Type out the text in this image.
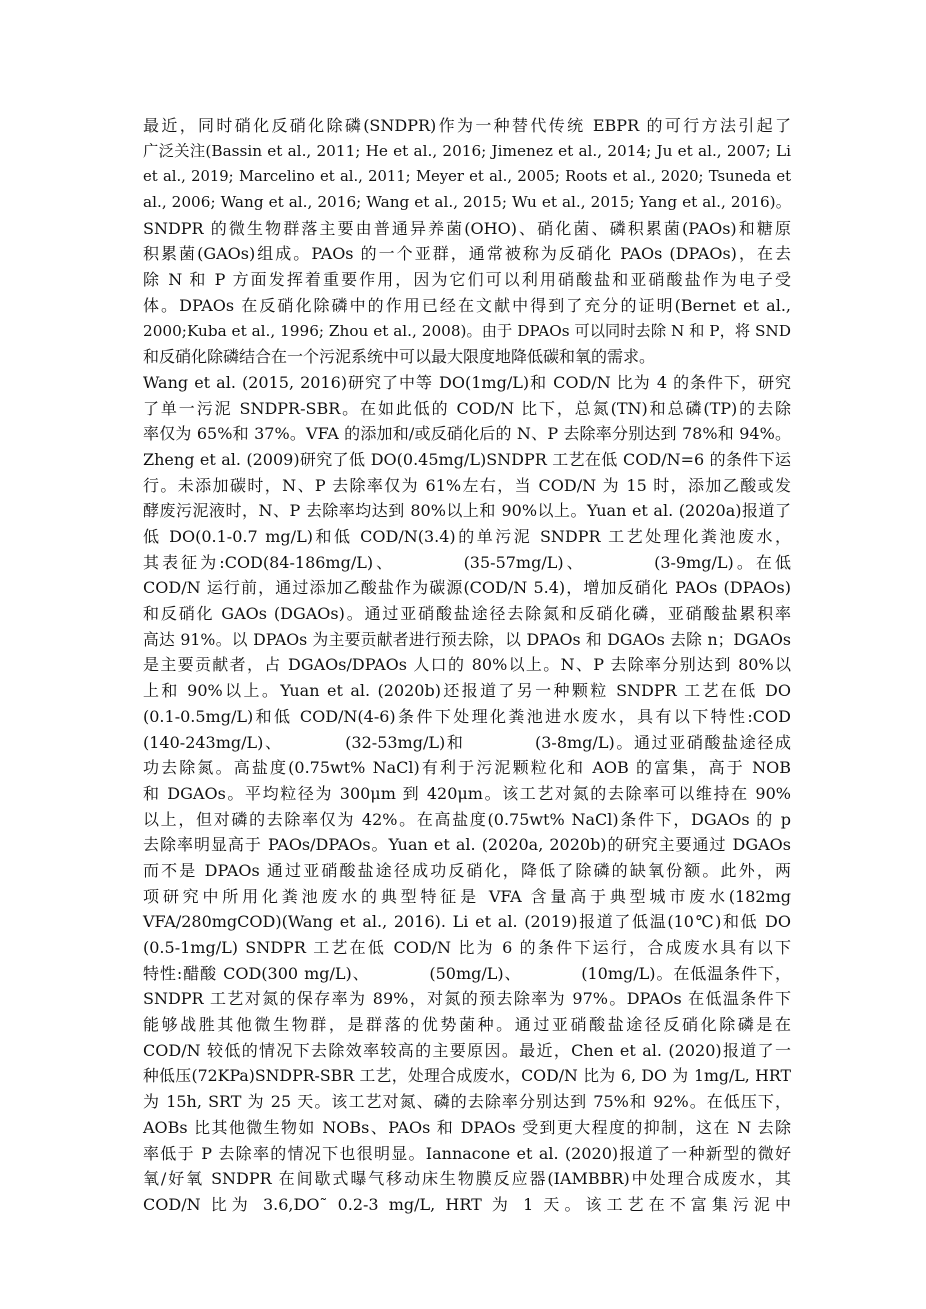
最近，同时硝化反硝化除磷(SNDPR)作为一种替代传统 EBPR 的可行方法引起了
广泛关注(Bassin et al., 2011; He et al., 2016; Jimenez et al., 2014; Ju et al., 2007; Li
et al., 2019; Marcelino et al., 2011; Meyer et al., 2005; Roots et al., 2020; Tsuneda et
al., 2006; Wang et al., 2016; Wang et al., 2015; Wu et al., 2015; Yang et al., 2016)。
SNDPR 的微生物群落主要由普通异养菌(OHO)、硝化菌、磷积累菌(PAOs)和糖原
积累菌(GAOs)组成。PAOs 的一个亚群，通常被称为反硝化 PAOs (DPAOs)，在去
除 N 和 P 方面发挥着重要作用，因为它们可以利用硝酸盐和亚硝酸盐作为电子受
体。DPAOs 在反硝化除磷中的作用已经在文献中得到了充分的证明(Bernet et al.,
2000;Kuba et al., 1996; Zhou et al., 2008)。由于 DPAOs 可以同时去除 N 和 P，将 SND
和反硝化除磷结合在一个污泥系统中可以最大限度地降低碳和氧的需求。
Wang et al. (2015, 2016)研究了中等 DO(1mg/L)和 COD/N 比为 4 的条件下，研究
了单一污泥 SNDPR-SBR。在如此低的 COD/N 比下，总氮(TN)和总磷(TP)的去除
率仅为 65%和 37%。VFA 的添加和/或反硝化后的 N、P 去除率分别达到 78%和 94%。
Zheng et al. (2009)研究了低 DO(0.45mg/L)SNDPR 工艺在低 COD/N=6 的条件下运
行。未添加碳时，N、P 去除率仅为 61%左右，当 COD/N 为 15 时，添加乙酸或发
酵废污泥液时，N、P 去除率均达到 80%以上和 90%以上。Yuan et al. (2020a)报道了
低 DO(0.1-0.7 mg/L)和低 COD/N(3.4)的单污泥 SNDPR 工艺处理化粪池废水，
其表征为:COD(84-186mg/L)、　　　　(35-57mg/L)、　　　　(3-9mg/L)。在低
COD/N 运行前，通过添加乙酸盐作为碳源(COD/N 5.4)，增加反硝化 PAOs (DPAOs)
和反硝化 GAOs (DGAOs)。通过亚硝酸盐途径去除氮和反硝化磷，亚硝酸盐累积率
高达 91%。以 DPAOs 为主要贡献者进行预去除，以 DPAOs 和 DGAOs 去除 n；DGAOs
是主要贡献者，占 DGAOs/DPAOs 人口的 80%以上。N、P 去除率分别达到 80%以
上和 90%以上。Yuan et al. (2020b)还报道了另一种颗粒 SNDPR 工艺在低 DO
(0.1-0.5mg/L)和低 COD/N(4-6)条件下处理化粪池进水废水，具有以下特性:COD
(140-243mg/L)、　　　　(32-53mg/L)和　　　　(3-8mg/L)。通过亚硝酸盐途径成
功去除氮。高盐度(0.75wt% NaCl)有利于污泥颗粒化和 AOB 的富集，高于 NOB
和 DGAOs。平均粒径为 300μm 到 420μm。该工艺对氮的去除率可以维持在 90%
以上，但对磷的去除率仅为 42%。在高盐度(0.75wt% NaCl)条件下，DGAOs 的 p
去除率明显高于 PAOs/DPAOs。Yuan et al. (2020a, 2020b)的研究主要通过 DGAOs
而不是 DPAOs 通过亚硝酸盐途径成功反硝化，降低了除磷的缺氧份额。此外，两
项研究中所用化粪池废水的典型特征是 VFA 含量高于典型城市废水(182mg
VFA/280mgCOD)(Wang et al., 2016). Li et al. (2019)报道了低温(10℃)和低 DO
(0.5-1mg/L) SNDPR 工艺在低 COD/N 比为 6 的条件下运行，合成废水具有以下
特性:醋酸 COD(300 mg/L)、　　　　(50mg/L)、　　　　(10mg/L)。在低温条件下，
SNDPR 工艺对氮的保存率为 89%，对氮的预去除率为 97%。DPAOs 在低温条件下
能够战胜其他微生物群，是群落的优势菌种。通过亚硝酸盐途径反硝化除磷是在
COD/N 较低的情况下去除效率较高的主要原因。最近，Chen et al. (2020)报道了一
种低压(72KPa)SNDPR-SBR 工艺，处理合成废水，COD/N 比为 6, DO 为 1mg/L, HRT
为 15h, SRT 为 25 天。该工艺对氮、磷的去除率分别达到 75%和 92%。在低压下，
AOBs 比其他微生物如 NOBs、PAOs 和 DPAOs 受到更大程度的抑制，这在 N 去除
率低于 P 去除率的情况下也很明显。Iannacone et al. (2020)报道了一种新型的微好
氧/好氧 SNDPR 在间歇式曝气移动床生物膜反应器(IAMBBR)中处理合成废水，其
COD/N 比为 3.6,DO˜ 0.2-3 mg/L, HRT 为 1 天。该工艺在不富集污泥中
